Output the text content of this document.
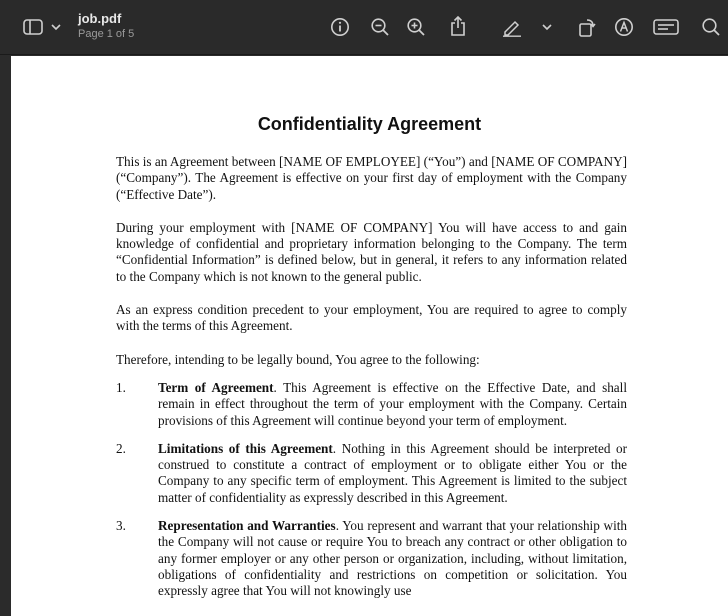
job.pdf
Page 1 of 5
Confidentiality Agreement

This is an Agreement between [NAME OF EMPLOYEE] (“You”) and [NAME OF COMPANY] (“Company”). The Agreement is effective on your first day of employment with the Company (“Effective Date”).

During your employment with [NAME OF COMPANY] You will have access to and gain knowledge of confidential and proprietary information belonging to the Company. The term “Confidential Information” is defined below, but in general, it refers to any information related to the Company which is not known to the general public.

As an express condition precedent to your employment, You are required to agree to comply with the terms of this Agreement.

Therefore, intending to be legally bound, You agree to the following:

1.	Term of Agreement. This Agreement is effective on the Effective Date, and shall remain in effect throughout the term of your employment with the Company. Certain provisions of this Agreement will continue beyond your term of employment.
2.	Limitations of this Agreement. Nothing in this Agreement should be interpreted or construed to constitute a contract of employment or to obligate either You or the Company to any specific term of employment. This Agreement is limited to the subject matter of confidentiality as expressly described in this Agreement.
3.	Representation and Warranties. You represent and warrant that your relationship with the Company will not cause or require You to breach any contract or other obligation to any former employer or any other person or organization, including, without limitation, obligations of confidentiality and restrictions on competition or solicitation. You expressly agree that You will not knowingly use
